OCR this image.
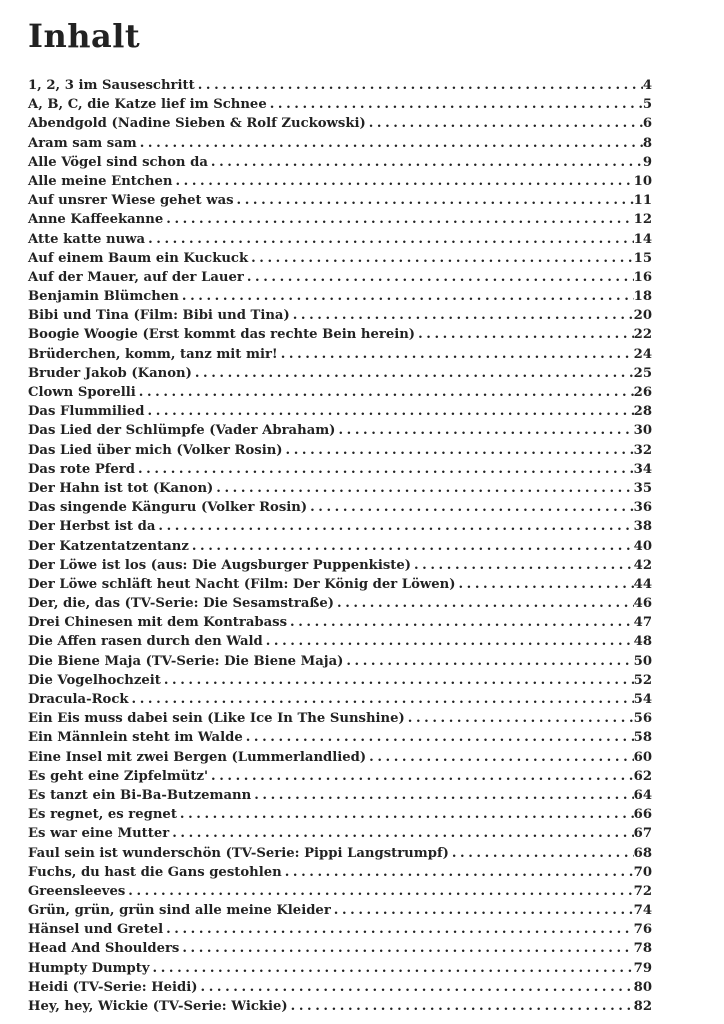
Inhalt
1, 2, 3 im Sauseschritt .....	4
A, B, C, die Katze lief im Schnee .....	5
Abendgold (Nadine Sieben & Rolf Zuckowski) .....	6
Aram sam sam .....	8
Alle Vögel sind schon da .....	9
Alle meine Entchen .....	10
Auf unsrer Wiese gehet was .....	11
Anne Kaffeekanne .....	12
Atte katte nuwa .....	14
Auf einem Baum ein Kuckuck .....	15
Auf der Mauer, auf der Lauer .....	16
Benjamin Blümchen .....	18
Bibi und Tina (Film: Bibi und Tina) .....	20
Boogie Woogie (Erst kommt das rechte Bein herein) .....	22
Brüderchen, komm, tanz mit mir! .....	24
Bruder Jakob (Kanon) .....	25
Clown Sporelli .....	26
Das Flummilied .....	28
Das Lied der Schlümpfe (Vader Abraham) .....	30
Das Lied über mich (Volker Rosin) .....	32
Das rote Pferd .....	34
Der Hahn ist tot (Kanon) .....	35
Das singende Känguru (Volker Rosin) .....	36
Der Herbst ist da .....	38
Der Katzentatzentanz .....	40
Der Löwe ist los (aus: Die Augsburger Puppenkiste) .....	42
Der Löwe schläft heut Nacht (Film: Der König der Löwen) .....	44
Der, die, das (TV-Serie: Die Sesamstraße) .....	46
Drei Chinesen mit dem Kontrabass .....	47
Die Affen rasen durch den Wald .....	48
Die Biene Maja (TV-Serie: Die Biene Maja) .....	50
Die Vogelhochzeit .....	52
Dracula-Rock .....	54
Ein Eis muss dabei sein (Like Ice In The Sunshine) .....	56
Ein Männlein steht im Walde .....	58
Eine Insel mit zwei Bergen (Lummerlandlied) .....	60
Es geht eine Zipfelmütz' .....	62
Es tanzt ein Bi-Ba-Butzemann .....	64
Es regnet, es regnet .....	66
Es war eine Mutter .....	67
Faul sein ist wunderschön (TV-Serie: Pippi Langstrumpf) .....	68
Fuchs, du hast die Gans gestohlen .....	70
Greensleeves .....	72
Grün, grün, grün sind alle meine Kleider .....	74
Hänsel und Gretel .....	76
Head And Shoulders .....	78
Humpty Dumpty .....	79
Heidi (TV-Serie: Heidi) .....	80
Hey, hey, Wickie (TV-Serie: Wickie) .....	82
